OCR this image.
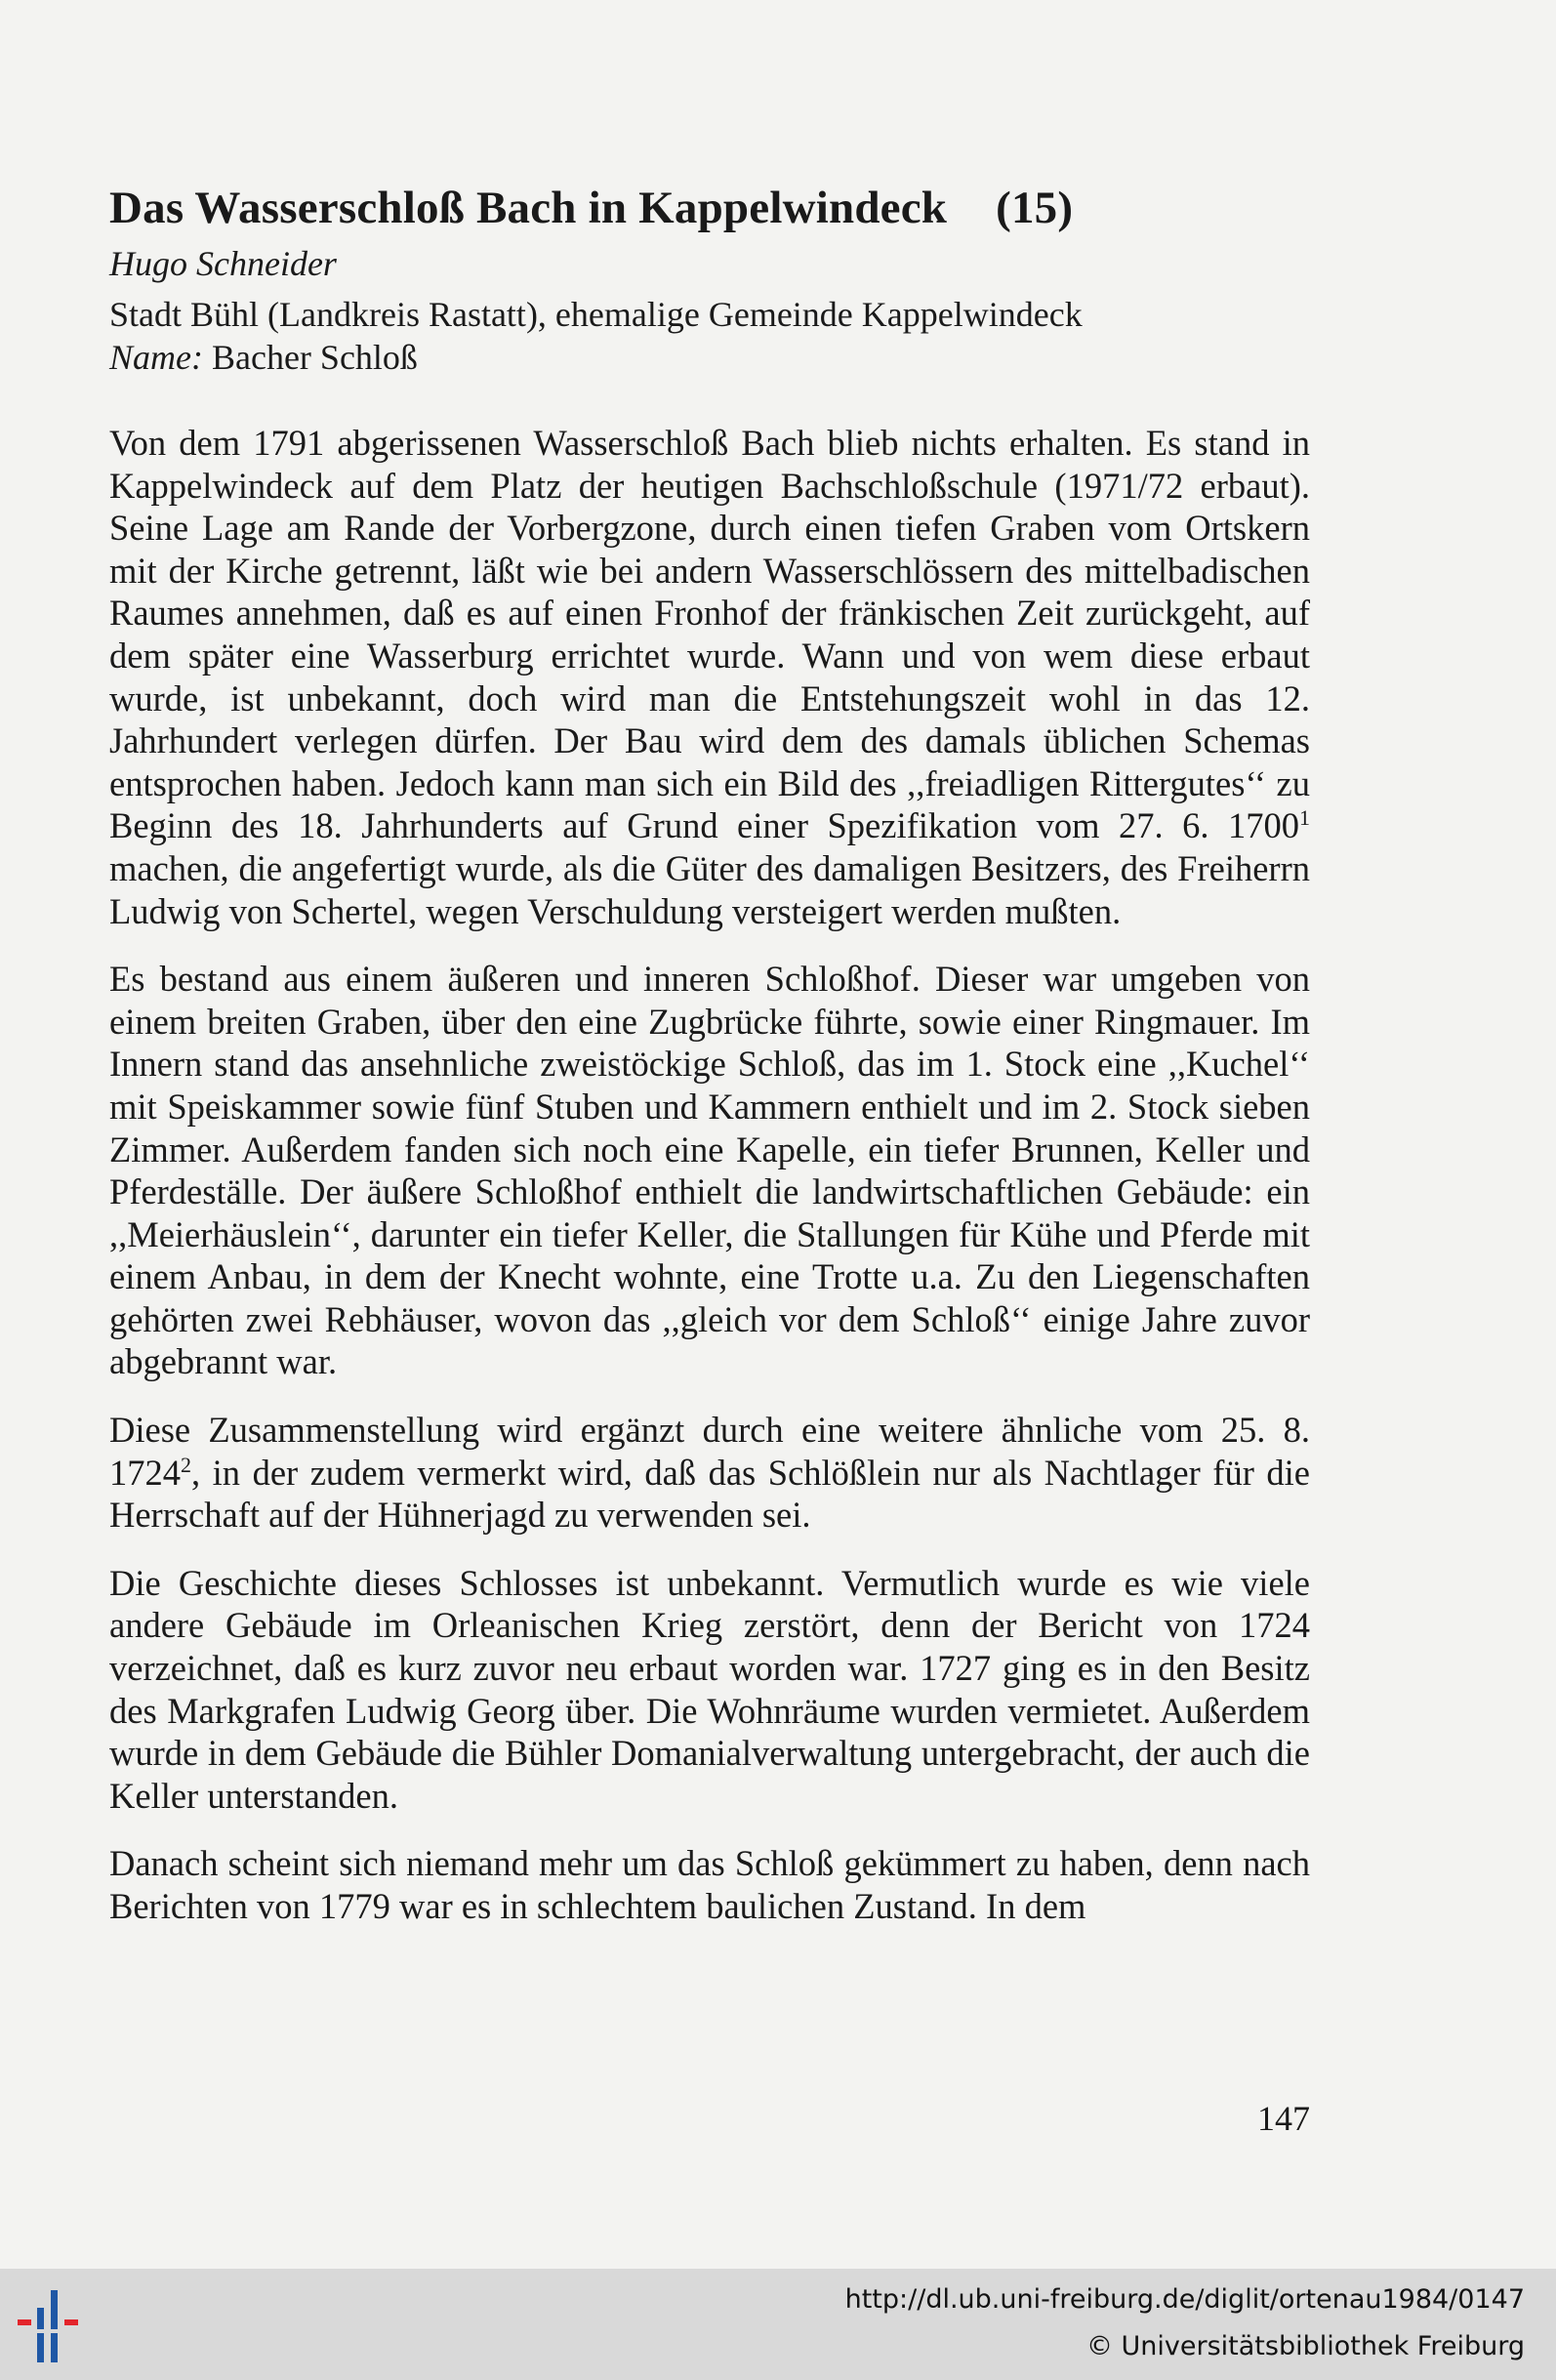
Das Wasserschloß Bach in Kappelwindeck (15)

Hugo Schneider

Stadt Bühl (Landkreis Rastatt), ehemalige Gemeinde Kappelwindeck

Name: Bacher Schloß

Von dem 1791 abgerissenen Wasserschloß Bach blieb nichts erhalten. Es stand in Kappelwindeck auf dem Platz der heutigen Bachschloßschule (1971/72 erbaut). Seine Lage am Rande der Vorbergzone, durch einen tiefen Graben vom Ortskern mit der Kirche getrennt, läßt wie bei andern Wasserschlössern des mittelbadischen Raumes annehmen, daß es auf einen Fronhof der fränkischen Zeit zurückgeht, auf dem später eine Wasserburg errichtet wurde. Wann und von wem diese erbaut wurde, ist unbekannt, doch wird man die Entstehungszeit wohl in das 12. Jahrhundert verlegen dürfen. Der Bau wird dem des damals üblichen Schemas entsprochen haben. Jedoch kann man sich ein Bild des ,,freiadligen Rittergutes‘‘ zu Beginn des 18. Jahrhunderts auf Grund einer Spezifikation vom 27. 6. 1700$^1$ machen, die angefertigt wurde, als die Güter des damaligen Besitzers, des Freiherrn Ludwig von Schertel, wegen Verschuldung versteigert werden mußten.

Es bestand aus einem äußeren und inneren Schloßhof. Dieser war umgeben von einem breiten Graben, über den eine Zugbrücke führte, sowie einer Ringmauer. Im Innern stand das ansehnliche zweistöckige Schloß, das im 1. Stock eine ,,Kuchel‘‘ mit Speiskammer sowie fünf Stuben und Kammern enthielt und im 2. Stock sieben Zimmer. Außerdem fanden sich noch eine Kapelle, ein tiefer Brunnen, Keller und Pferdeställe. Der äußere Schloßhof enthielt die landwirtschaftlichen Gebäude: ein ,,Meierhäuslein‘‘, darunter ein tiefer Keller, die Stallungen für Kühe und Pferde mit einem Anbau, in dem der Knecht wohnte, eine Trotte u.a. Zu den Liegenschaften gehörten zwei Rebhäuser, wovon das ,,gleich vor dem Schloß‘‘ einige Jahre zuvor abgebrannt war.

Diese Zusammenstellung wird ergänzt durch eine weitere ähnliche vom 25. 8. 1724$^2$, in der zudem vermerkt wird, daß das Schlößlein nur als Nachtlager für die Herrschaft auf der Hühnerjagd zu verwenden sei.

Die Geschichte dieses Schlosses ist unbekannt. Vermutlich wurde es wie viele andere Gebäude im Orleanischen Krieg zerstört, denn der Bericht von 1724 verzeichnet, daß es kurz zuvor neu erbaut worden war. 1727 ging es in den Besitz des Markgrafen Ludwig Georg über. Die Wohnräume wurden vermietet. Außerdem wurde in dem Gebäude die Bühler Domanialverwaltung untergebracht, der auch die Keller unterstanden.

Danach scheint sich niemand mehr um das Schloß gekümmert zu haben, denn nach Berichten von 1779 war es in schlechtem baulichen Zustand. In dem

147
http://dl.ub.uni-freiburg.de/diglit/ortenau1984/0147
© Universitätsbibliothek Freiburg
